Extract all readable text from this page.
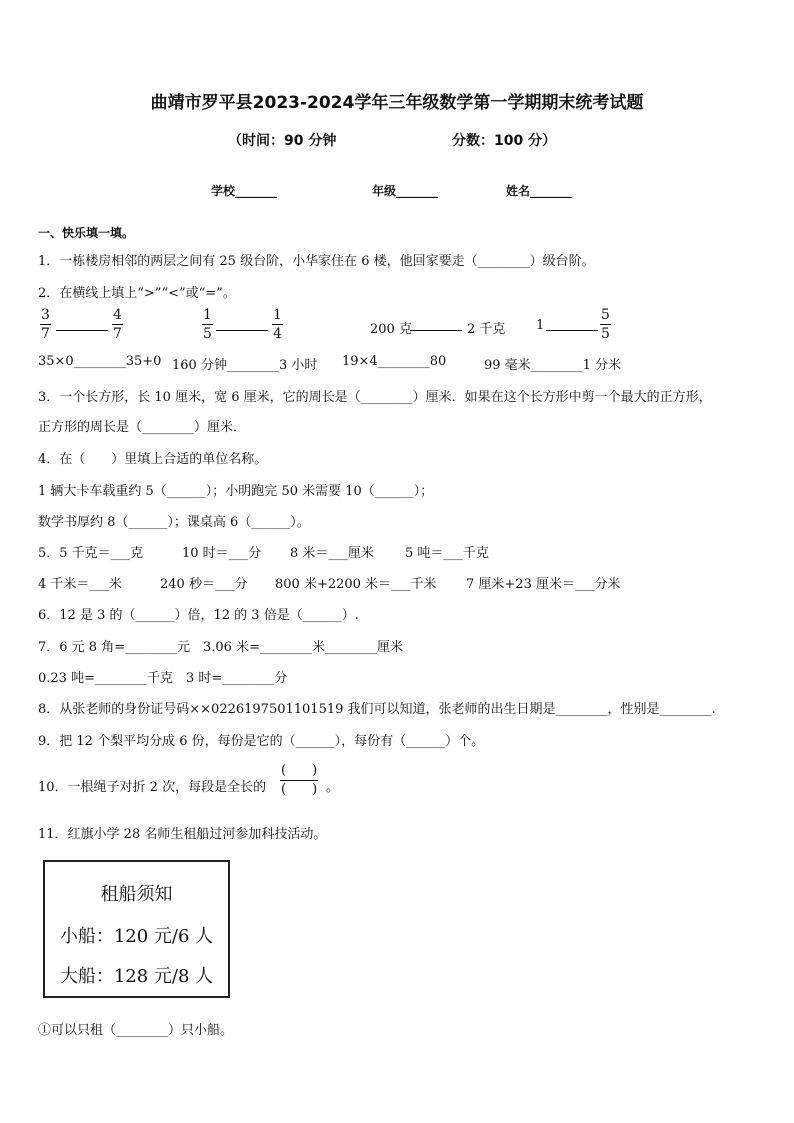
曲靖市罗平县2023-2024学年三年级数学第一学期期末统考试题
（时间：90 分钟	分数：100 分）
学校_______	年级_______	姓名_______
一、快乐填一填。
1．一栋楼房相邻的两层之间有 25 级台阶，小华家住在 6 楼，他回家要走（________）级台阶。
2．在横线上填上“>”“<”或“=”。
$\frac{3}{7}$	$\frac{4}{7}$	$\frac{1}{5}$	$\frac{1}{4}$	200 克	2 千克 1	$\frac{5}{5}$
35×0________35+0 160 分钟________3 小时 19×4________80	99 毫米________1 分米
3．一个长方形，长 10 厘米，宽 6 厘米，它的周长是（________）厘米．如果在这个长方形中剪一个最大的正方形，
正方形的周长是（________）厘米．
4．在（　　）里填上合适的单位名称。
1 辆大卡车载重约 5（______）；小明跑完 50 米需要 10（______）；
数学书厚约 8（______）；课桌高 6（______）。
5．5 千克＝___克	10 时＝___分 8 米＝___厘米 5 吨＝___千克
4 千米＝___米	240 秒＝___分 800 米+2200 米＝___千米 7 厘米+23 厘米＝___分米
6．12 是 3 的（______）倍，12 的 3 倍是（______）.
7．6 元 8 角=________元 3.06 米=________米________厘米
0.23 吨=________千克 3 时=________分
8．从张老师的身份证号码××0226197501101519 我们可以知道，张老师的出生日期是________，性别是________.
9．把 12 个梨平均分成 6 份，每份是它的（______），每份有（______）个。
10．一根绳子对折 2 次，每段是全长的
(　　)
(　　) 。
11．红旗小学 28 名师生租船过河参加科技活动。
租船须知
小船：120 元/6 人
大船：128 元/8 人
①可以只租（________）只小船。
